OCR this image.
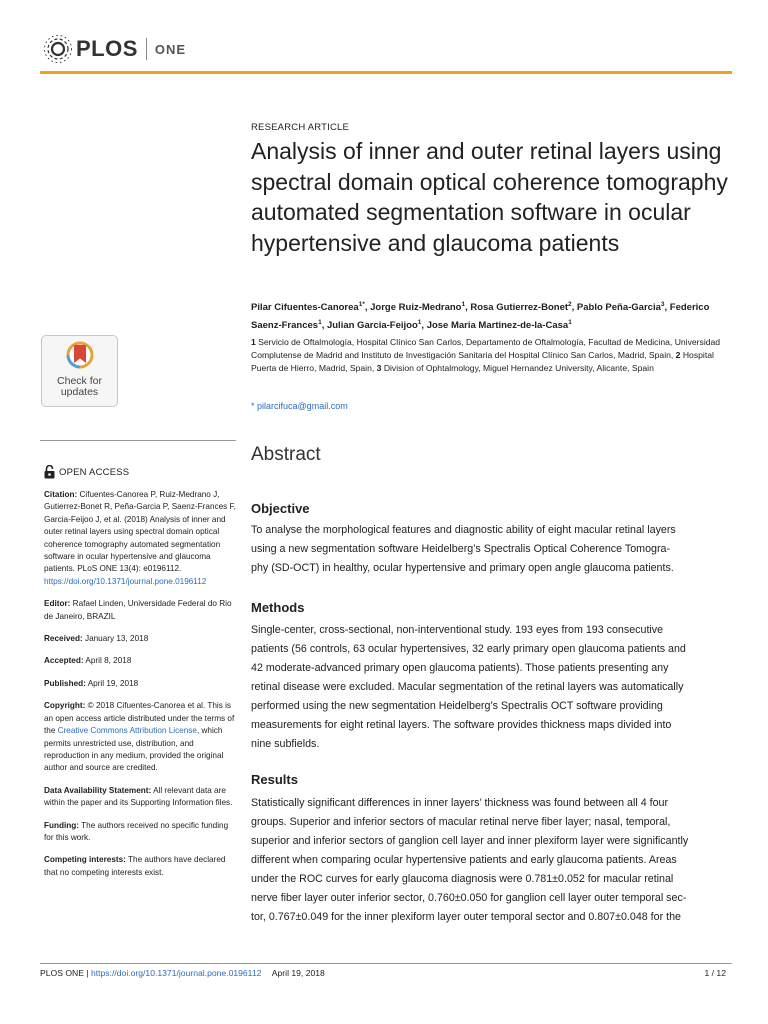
PLOS ONE
Check for
updates
OPEN ACCESS

Citation: Cifuentes-Canorea P, Ruiz-Medrano J, Gutierrez-Bonet R, Peña-Garcia P, Saenz-Frances F, Garcia-Feijoo J, et al. (2018) Analysis of inner and outer retinal layers using spectral domain optical coherence tomography automated segmentation software in ocular hypertensive and glaucoma patients. PLoS ONE 13(4): e0196112. https://doi.org/10.1371/journal.pone.0196112

Editor: Rafael Linden, Universidade Federal do Rio de Janeiro, BRAZIL

Received: January 13, 2018

Accepted: April 8, 2018

Published: April 19, 2018

Copyright: © 2018 Cifuentes-Canorea et al. This is an open access article distributed under the terms of the Creative Commons Attribution License, which permits unrestricted use, distribution, and reproduction in any medium, provided the original author and source are credited.

Data Availability Statement: All relevant data are within the paper and its Supporting Information files.

Funding: The authors received no specific funding for this work.

Competing interests: The authors have declared that no competing interests exist.

RESEARCH ARTICLE
Analysis of inner and outer retinal layers using spectral domain optical coherence tomography automated segmentation software in ocular hypertensive and glaucoma patients
Pilar Cifuentes-Canorea$^{1*}$, Jorge Ruiz-Medrano$^1$, Rosa Gutierrez-Bonet$^2$, Pablo Peña-Garcia$^3$, Federico Saenz-Frances$^1$, Julian Garcia-Feijoo$^1$, Jose Maria Martinez-de-la-Casa$^1$
1 Servicio de Oftalmología, Hospital Clínico San Carlos, Departamento de Oftalmología, Facultad de Medicina, Universidad Complutense de Madrid and Instituto de Investigación Sanitaria del Hospital Clínico San Carlos, Madrid, Spain, 2 Hospital Puerta de Hierro, Madrid, Spain, 3 Division of Ophtalmology, Miguel Hernandez University, Alicante, Spain
* pilarcifuca@gmail.com
Abstract
Objective

To analyse the morphological features and diagnostic ability of eight macular retinal layers

using a new segmentation software Heidelberg’s Spectralis Optical Coherence Tomogra-

phy (SD-OCT) in healthy, ocular hypertensive and primary open angle glaucoma patients.

Methods

Single-center, cross-sectional, non-interventional study. 193 eyes from 193 consecutive

patients (56 controls, 63 ocular hypertensives, 32 early primary open glaucoma patients and

42 moderate-advanced primary open glaucoma patients). Those patients presenting any

retinal disease were excluded. Macular segmentation of the retinal layers was automatically

performed using the new segmentation Heidelberg’s Spectralis OCT software providing

measurements for eight retinal layers. The software provides thickness maps divided into

nine subfields.

Results

Statistically significant differences in inner layers’ thickness was found between all 4 four

groups. Superior and inferior sectors of macular retinal nerve fiber layer; nasal, temporal,

superior and inferior sectors of ganglion cell layer and inner plexiform layer were significantly

different when comparing ocular hypertensive patients and early glaucoma patients. Areas

under the ROC curves for early glaucoma diagnosis were 0.781±0.052 for macular retinal

nerve fiber layer outer inferior sector, 0.760±0.050 for ganglion cell layer outer temporal sec-

tor, 0.767±0.049 for the inner plexiform layer outer temporal sector and 0.807±0.048 for the

PLOS ONE | https://doi.org/10.1371/journal.pone.0196112 April 19, 2018	1 / 12
